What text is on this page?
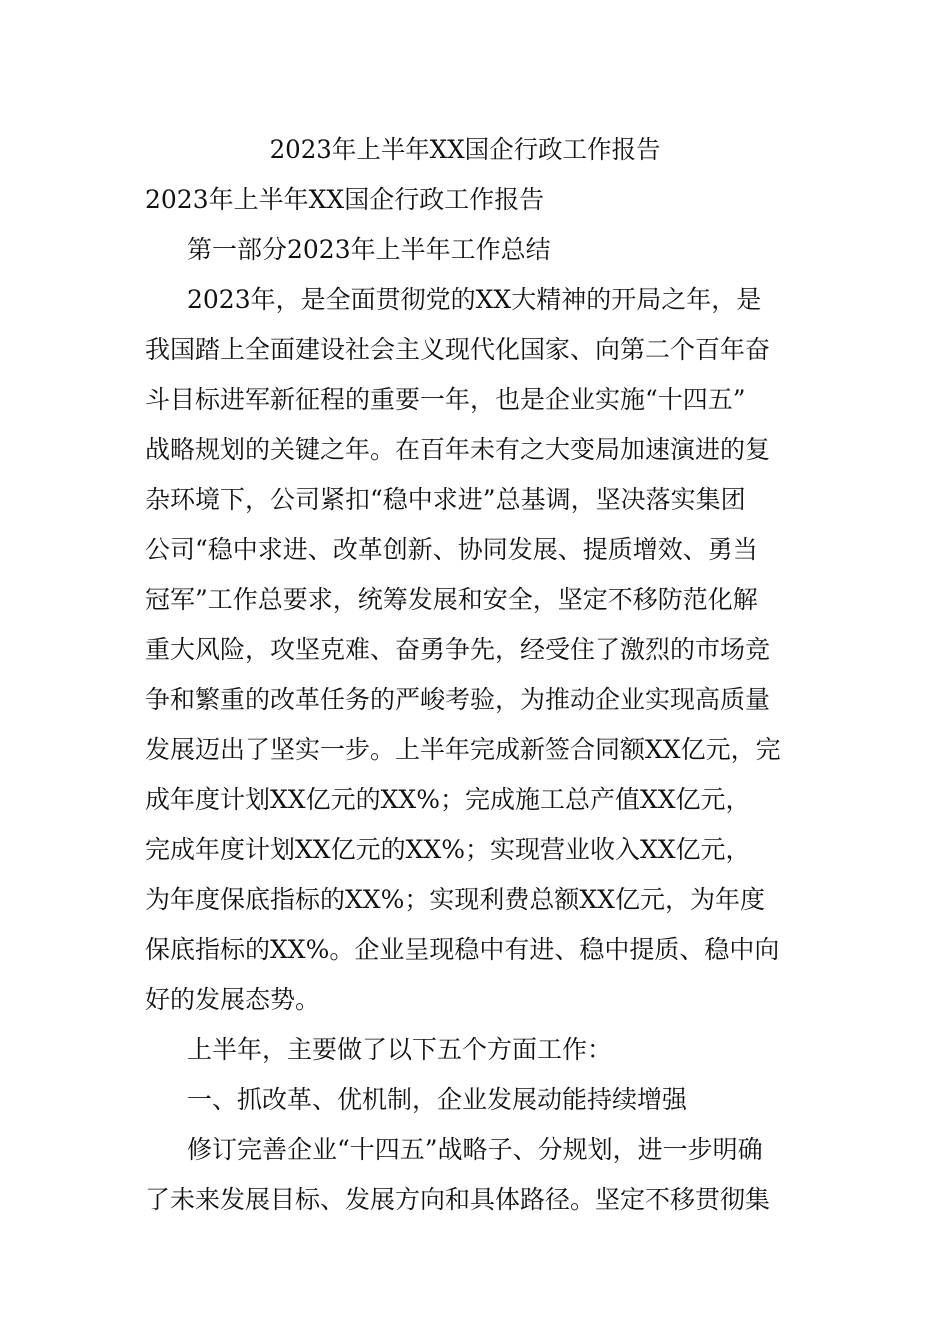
2023年上半年XX国企行政工作报告
2023年上半年XX国企行政工作报告
第一部分2023年上半年工作总结
2023年，是全面贯彻党的XX大精神的开局之年，是
我国踏上全面建设社会主义现代化国家、向第二个百年奋
斗目标进军新征程的重要一年，也是企业实施“十四五”
战略规划的关键之年。在百年未有之大变局加速演进的复
杂环境下，公司紧扣“稳中求进”总基调，坚决落实集团
公司“稳中求进、改革创新、协同发展、提质增效、勇当
冠军”工作总要求，统筹发展和安全，坚定不移防范化解
重大风险，攻坚克难、奋勇争先，经受住了激烈的市场竞
争和繁重的改革任务的严峻考验，为推动企业实现高质量
发展迈出了坚实一步。上半年完成新签合同额XX亿元，完
成年度计划XX亿元的XX%；完成施工总产值XX亿元，
完成年度计划XX亿元的XX%；实现营业收入XX亿元，
为年度保底指标的XX%；实现利费总额XX亿元，为年度
保底指标的XX%。企业呈现稳中有进、稳中提质、稳中向
好的发展态势。
上半年，主要做了以下五个方面工作：
一、抓改革、优机制，企业发展动能持续增强
修订完善企业“十四五”战略子、分规划，进一步明确
了未来发展目标、发展方向和具体路径。坚定不移贯彻集
